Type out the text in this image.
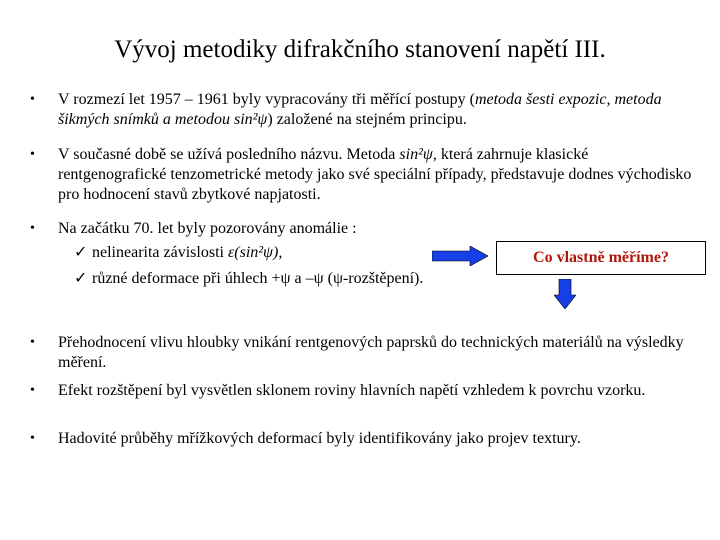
Vývoj metodiky difrakčního stanovení napětí III.
• V rozmezí let 1957 – 1961 byly vypracovány tři měřící postupy (metoda šesti expozic, metoda šikmých snímků a metodou sin²ψ) založené na stejném principu.
• V současné době se užívá posledního názvu. Metoda sin²ψ, která zahrnuje klasické rentgenografické tenzometrické metody jako své speciální případy, představuje dodnes východisko pro hodnocení stavů zbytkové napjatosti.
• Na začátku 70. let byly pozorovány anomálie :
✓ nelinearita závislosti ε(sin²ψ),
✓ různé deformace při úhlech +ψ a –ψ (ψ-rozštěpení).
Co vlastně měříme?
• Přehodnocení vlivu hloubky vnikání rentgenových paprsků do technických materiálů na výsledky měření.
• Efekt rozštěpení byl vysvětlen sklonem roviny hlavních napětí vzhledem k povrchu vzorku.
• Hadovité průběhy mřížkových deformací byly identifikovány jako projev textury.
